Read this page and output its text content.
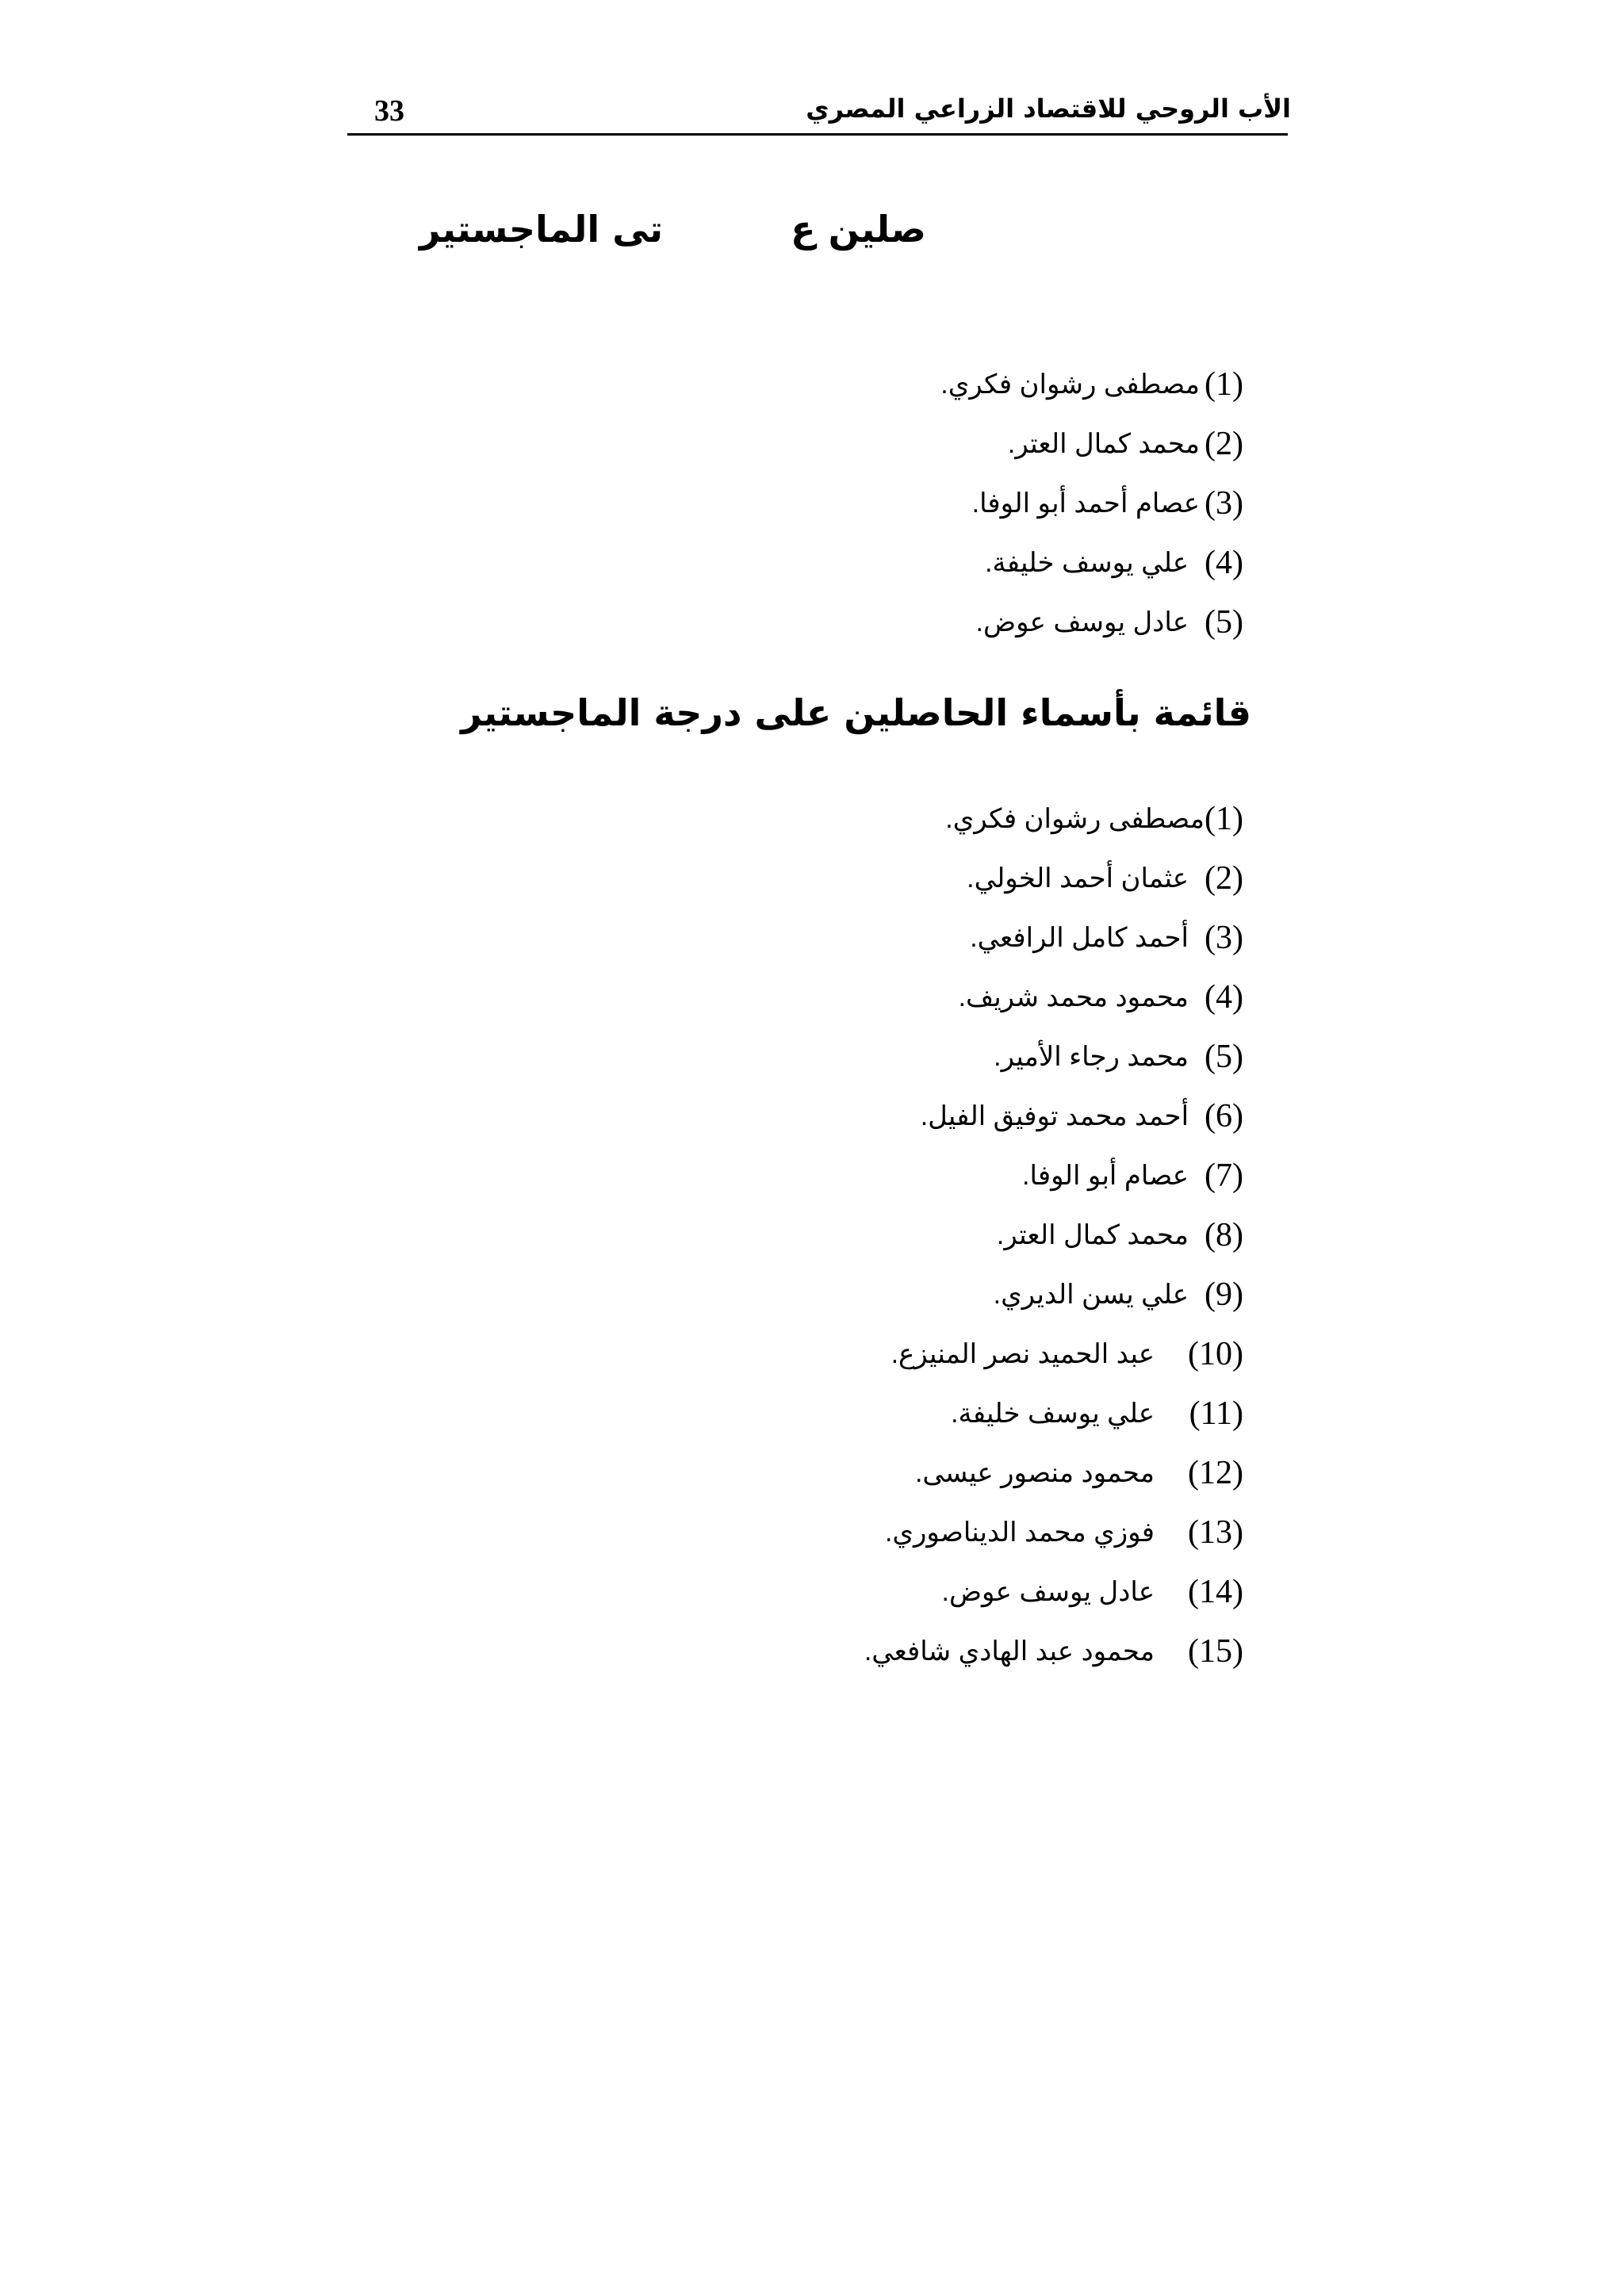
الأب الروحي للاقتصاد الزراعي المصري
33
صلين ع
تى الماجستير
(1)
مصطفى رشوان فكري.
(2)
محمد كمال العتر.
(3)
عصام أحمد أبو الوفا.
(4)
علي يوسف خليفة.
(5)
عادل يوسف عوض.
قائمة بأسماء الحاصلين على درجة الماجستير
(1)
مصطفى رشوان فكري.
(2)
عثمان أحمد الخولي.
(3)
أحمد كامل الرافعي.
(4)
محمود محمد شريف.
(5)
محمد رجاء الأمير.
(6)
أحمد محمد توفيق الفيل.
(7)
عصام أبو الوفا.
(8)
محمد كمال العتر.
(9)
علي يسن الديري.
(10)
عبد الحميد نصر المنيزع.
(11)
علي يوسف خليفة.
(12)
محمود منصور عيسى.
(13)
فوزي محمد الديناصوري.
(14)
عادل يوسف عوض.
(15)
محمود عبد الهادي شافعي.
